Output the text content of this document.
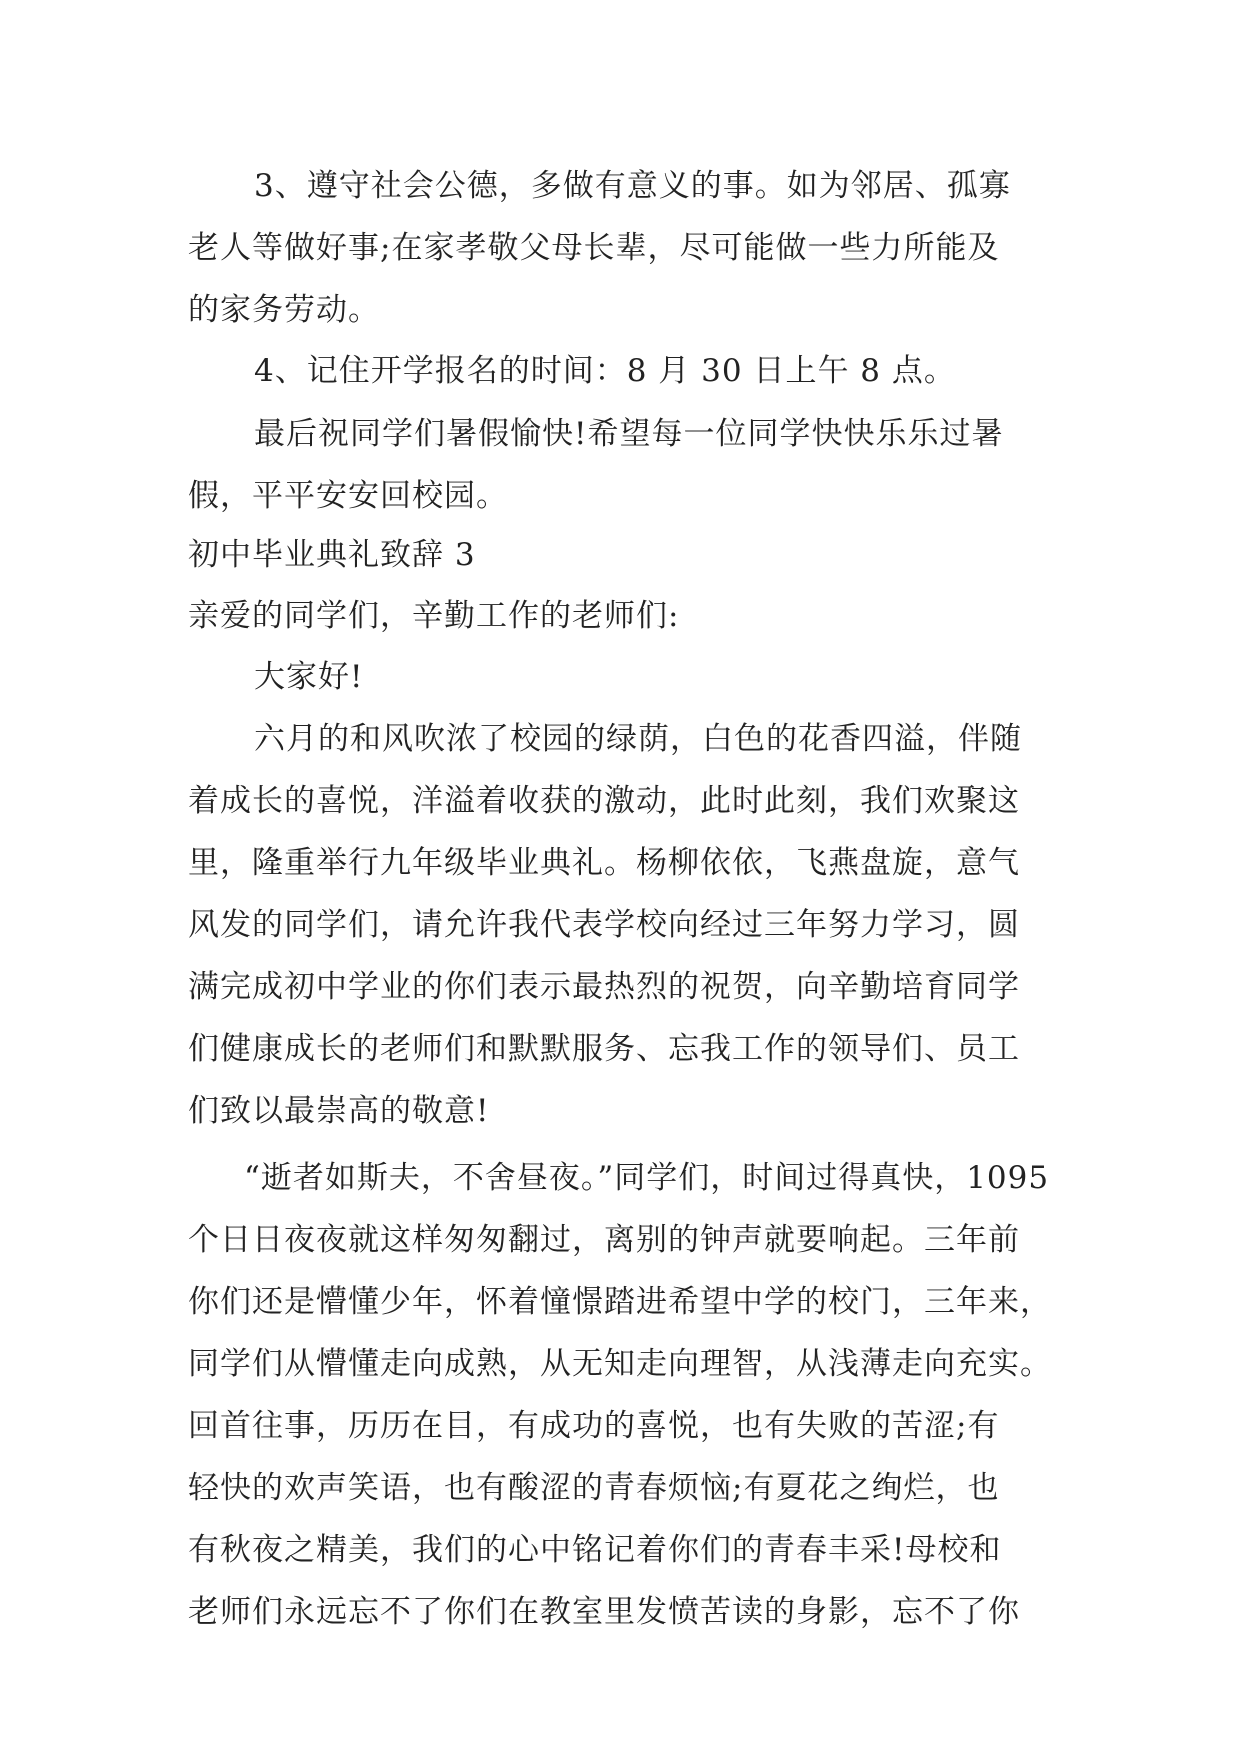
3、遵守社会公德，多做有意义的事。如为邻居、孤寡
老人等做好事;在家孝敬父母长辈，尽可能做一些力所能及
的家务劳动。
4、记住开学报名的时间：8 月 30 日上午 8 点。
最后祝同学们暑假愉快!希望每一位同学快快乐乐过暑
假，平平安安回校园。
初中毕业典礼致辞 3
亲爱的同学们，辛勤工作的老师们:
大家好!
六月的和风吹浓了校园的绿荫，白色的花香四溢，伴随
着成长的喜悦，洋溢着收获的激动，此时此刻，我们欢聚这
里，隆重举行九年级毕业典礼。杨柳依依，飞燕盘旋，意气
风发的同学们，请允许我代表学校向经过三年努力学习，圆
满完成初中学业的你们表示最热烈的祝贺，向辛勤培育同学
们健康成长的老师们和默默服务、忘我工作的领导们、员工
们致以最崇高的敬意!
“逝者如斯夫，不舍昼夜。”同学们，时间过得真快，1095
个日日夜夜就这样匆匆翻过，离别的钟声就要响起。三年前
你们还是懵懂少年，怀着憧憬踏进希望中学的校门，三年来，
同学们从懵懂走向成熟，从无知走向理智，从浅薄走向充实。
回首往事，历历在目，有成功的喜悦，也有失败的苦涩;有
轻快的欢声笑语，也有酸涩的青春烦恼;有夏花之绚烂，也
有秋夜之精美，我们的心中铭记着你们的青春丰采!母校和
老师们永远忘不了你们在教室里发愤苦读的身影，忘不了你
